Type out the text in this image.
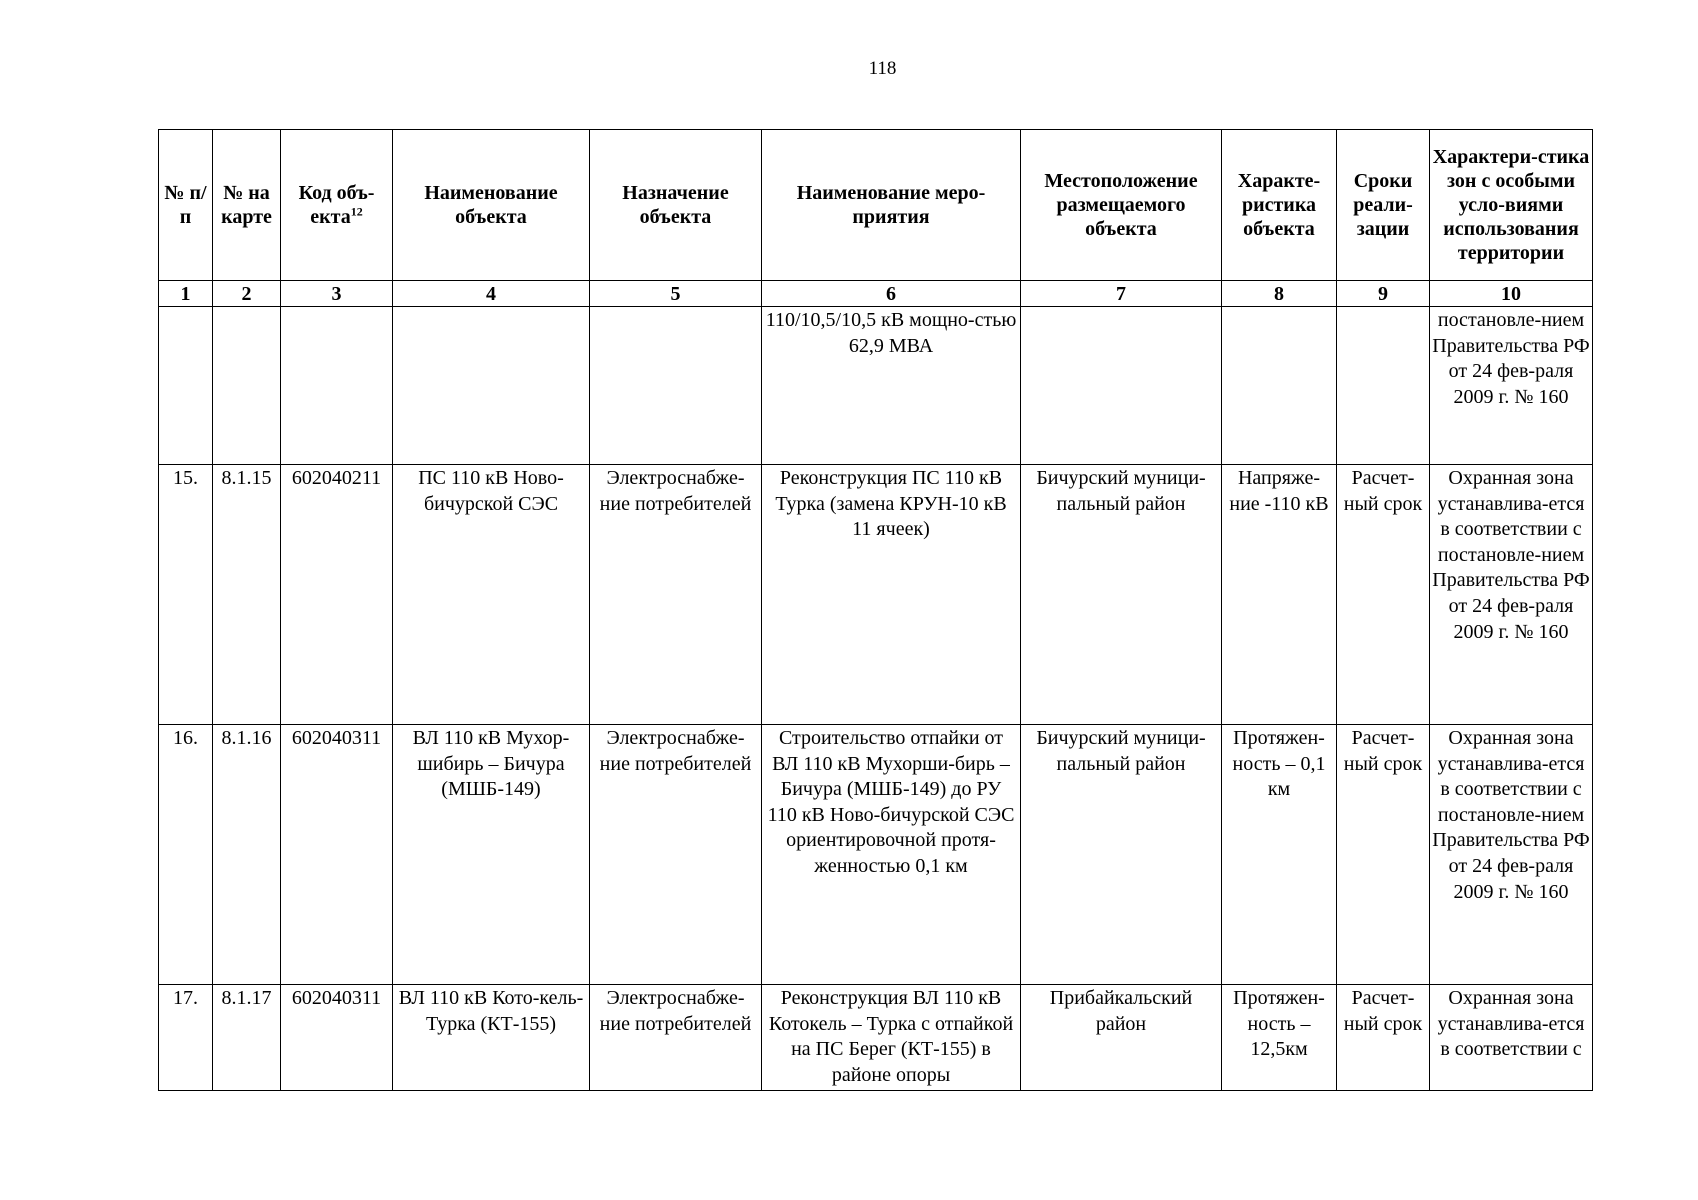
118
№ п/п	№ на карте	Код объ-екта$^{12}$	Наименование объекта	Назначение объекта	Наименование меро-приятия	Местоположение размещаемого объекта	Характе-ристика объекта	Сроки реали-зации	Характери-стика зон с особыми усло-виями использования территории
1	2	3	4	5	6	7	8	9	10
					110/10,5/10,5 кВ мощно-стью 62,9 МВА				постановле-нием Правительства РФ от 24 фев-раля 2009 г. № 160
15.	8.1.15	602040211	ПС 110 кВ Ново-бичурской СЭС	Электроснабже-ние потребителей	Реконструкция ПС 110 кВ Турка (замена КРУН-10 кВ 11 ячеек)	Бичурский муници-пальный район	Напряже-ние -110 кВ	Расчет-ный срок	Охранная зона устанавлива-ется в соответствии с постановле-нием Правительства РФ от 24 фев-раля 2009 г. № 160
16.	8.1.16	602040311	ВЛ 110 кВ Мухор-шибирь – Бичура (МШБ-149)	Электроснабже-ние потребителей	Строительство отпайки от ВЛ 110 кВ Мухорши-бирь – Бичура (МШБ-149) до РУ 110 кВ Ново-бичурской СЭС ориентировочной протя-женностью 0,1 км	Бичурский муници-пальный район	Протяжен-ность – 0,1 км	Расчет-ный срок	Охранная зона устанавлива-ется в соответствии с постановле-нием Правительства РФ от 24 фев-раля 2009 г. № 160
17.	8.1.17	602040311	ВЛ 110 кВ Кото-кель-Турка (КТ-155)	Электроснабже-ние потребителей	Реконструкция ВЛ 110 кВ Котокель – Турка с отпайкой на ПС Берег (КТ-155) в районе опоры	Прибайкальский район	Протяжен-ность – 12,5км	Расчет-ный срок	Охранная зона устанавлива-ется в соответствии с
